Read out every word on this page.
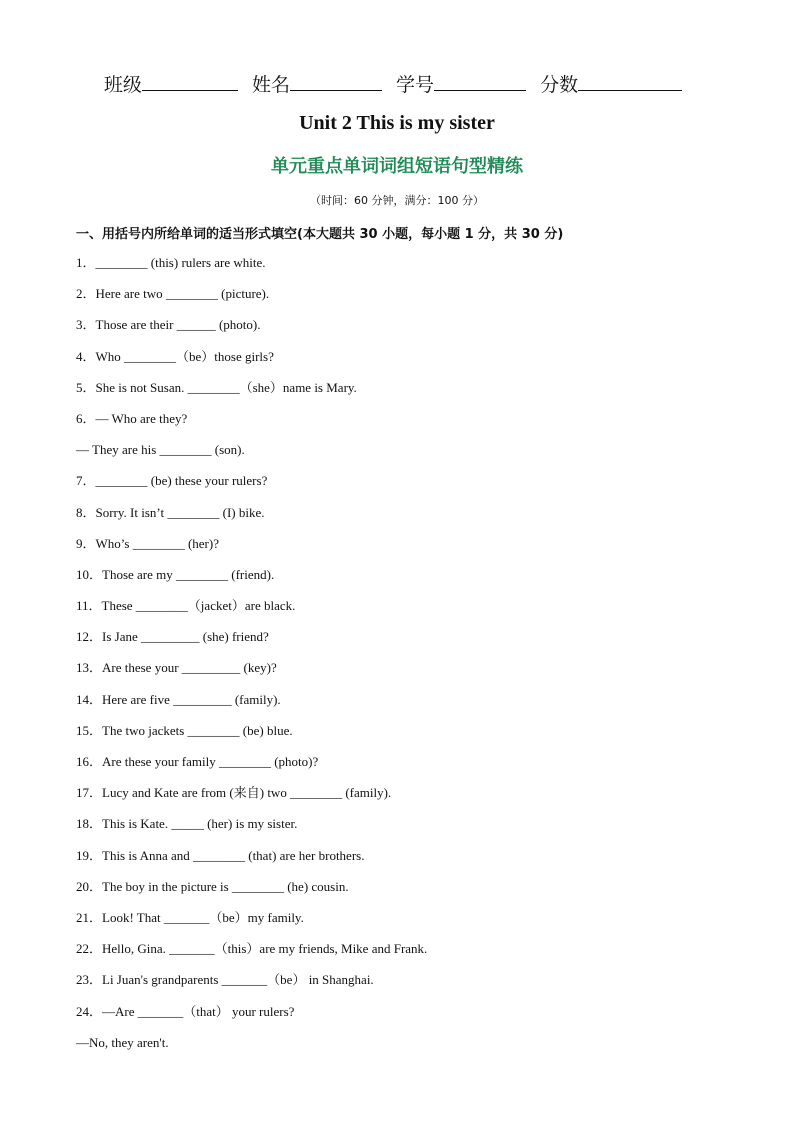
班级	姓名	学号	分数
Unit 2 This is my sister
单元重点单词词组短语句型精练
（时间：60 分钟，满分：100 分）
一、用括号内所给单词的适当形式填空(本大题共 30 小题，每小题 1 分，共 30 分)
1．________ (this) rulers are white.
2．Here are two ________ (picture).
3．Those are their ______ (photo).
4．Who ________（be）those girls?
5．She is not Susan. ________（she）name is Mary.
6．— Who are they?
— They are his ________ (son).
7．________ (be) these your rulers?
8．Sorry. It isn’t ________ (I) bike.
9．Who’s ________ (her)?
10．Those are my ________ (friend).
11．These ________（jacket）are black.
12．Is Jane _________ (she) friend?
13．Are these your _________ (key)?
14．Here are five _________ (family).
15．The two jackets ________ (be) blue.
16．Are these your family ________ (photo)?
17．Lucy and Kate are from (来自) two ________ (family).
18．This is Kate. _____ (her) is my sister.
19．This is Anna and ________ (that) are her brothers.
20．The boy in the picture is ________ (he) cousin.
21．Look! That _______（be）my family.
22．Hello, Gina. _______（this）are my friends, Mike and Frank.
23．Li Juan's grandparents _______（be） in Shanghai.
24．—Are _______（that） your rulers?
—No, they aren't.
